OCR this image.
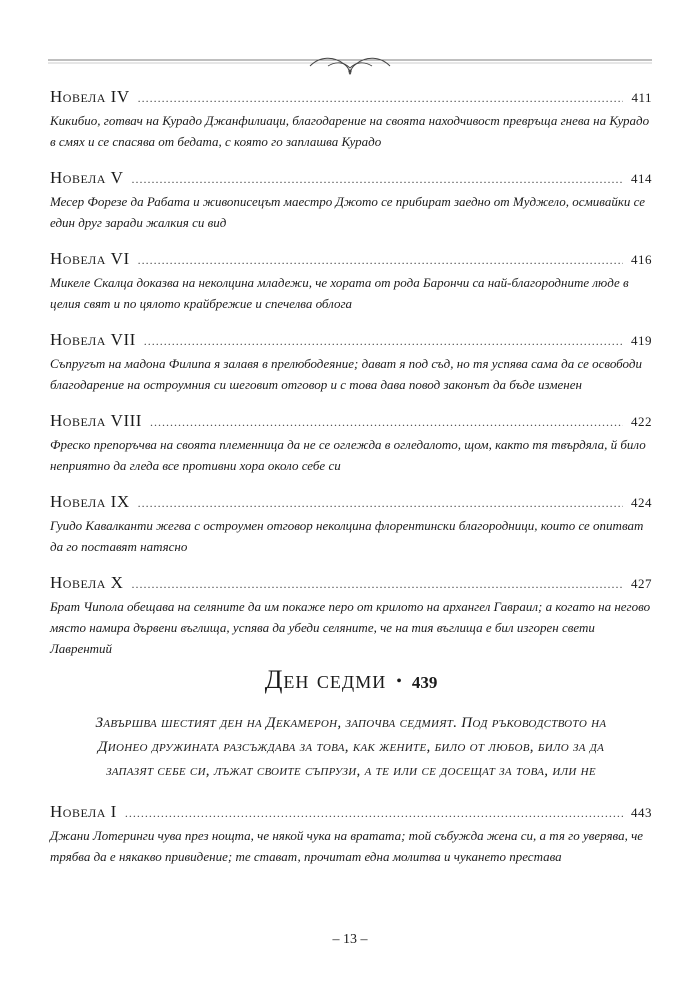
Новела IV .....	411
Кикибио, готвач на Курадо Джанфилиаци, благодарение на своята находчивост превръща гнева на Курадо в смях и се спасява от бедата, с която го заплашва Курадо
Новела V .....	414
Месер Форезе да Рабата и живописецът маестро Джото се прибират заедно от Муджело, осмивайки се един друг заради жалкия си вид
Новела VI .....	416
Микеле Скалца доказва на неколцина младежи, че хората от рода Барончи са най-благородните люде в целия свят и по цялото крайбрежие и спечелва облога
Новела VII .....	419
Съпругът на мадона Филипа я залавя в прелюбодеяние; дават я под съд, но тя успява сама да се освободи благодарение на остроумния си шеговит отговор и с това дава повод законът да бъде изменен
Новела VIII .....	422
Фреско препоръчва на своята племенница да не се оглежда в огледалото, щом, както тя твърдяла, й било неприятно да гледа все противни хора около себе си
Новела IX .....	424
Гуидо Кавалканти жегва с остроумен отговор неколцина флорентински благородници, които се опитват да го поставят натясно
Новела X .....	427
Брат Чипола обещава на селяните да им покаже перо от крилото на архангел Гавраил; а когато на негово място намира дървени въглища, успява да убеди селяните, че на тия въглища е бил изгорен свети Лаврентий
Ден седми • 439
Завършва шестият ден на Декамерон, започва седмият. Под ръководството на Дионео дружината разсъждава за това, как жените, било от любов, било за да запазят себе си, лъжат своите съпрузи, а те или се досещат за това, или не
Новела I .....	443
Джани Лотеринги чува през нощта, че някой чука на вратата; той събужда жена си, а тя го уверява, че трябва да е някакво привидение; те стават, прочитат една молитва и чукането престава
– 13 –
